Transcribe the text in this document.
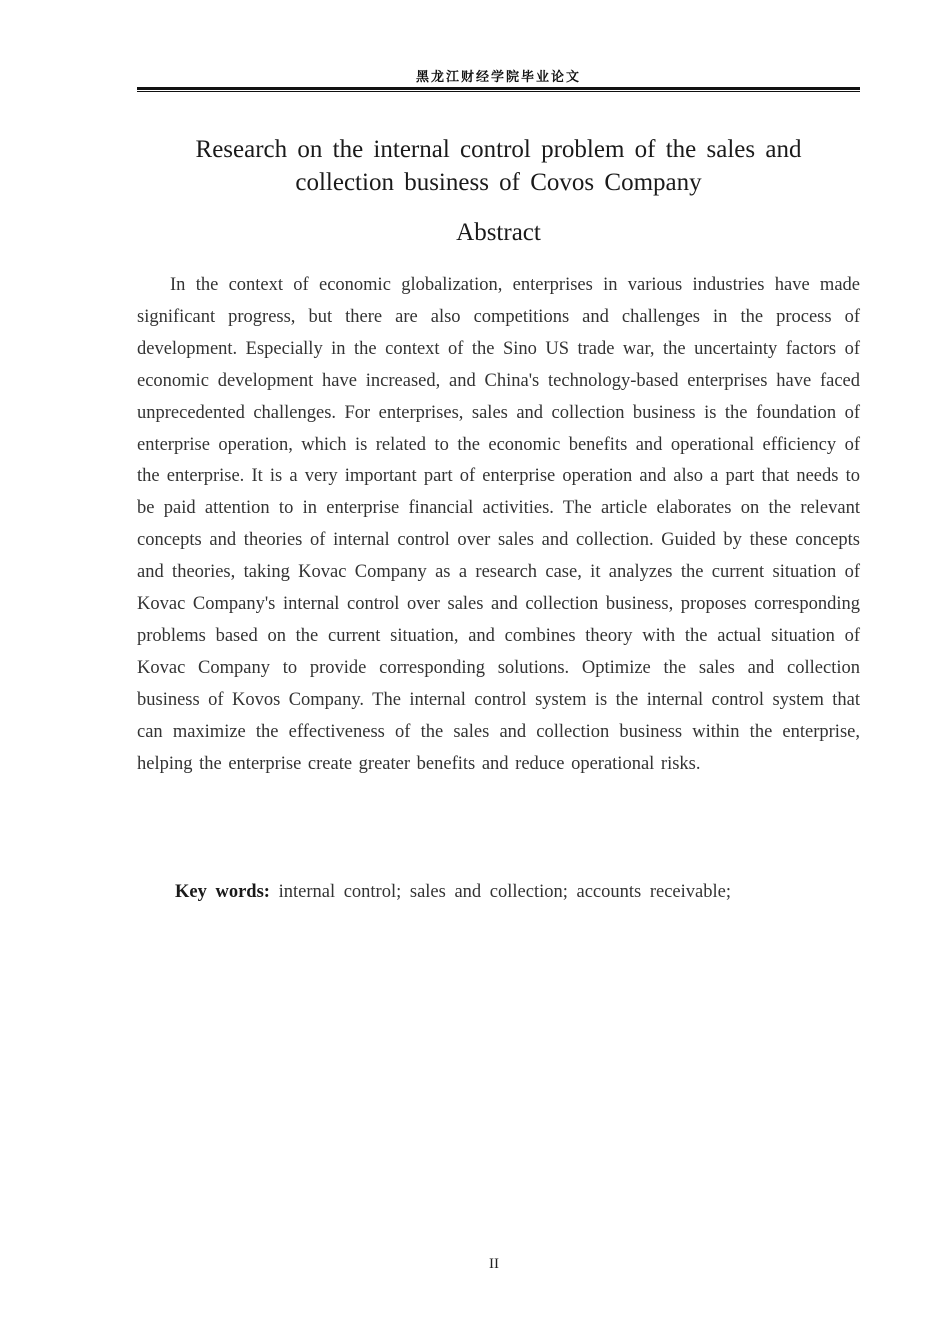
黑龙江财经学院毕业论文
Research on the internal control problem of the sales and
collection business of Covos Company
Abstract

In the context of economic globalization, enterprises in various industries have made significant progress, but there are also competitions and challenges in the process of development. Especially in the context of the Sino US trade war, the uncertainty factors of economic development have increased, and China's technology-based enterprises have faced unprecedented challenges. For enterprises, sales and collection business is the foundation of enterprise operation, which is related to the economic benefits and operational efficiency of the enterprise. It is a very important part of enterprise operation and also a part that needs to be paid attention to in enterprise financial activities. The article elaborates on the relevant concepts and theories of internal control over sales and collection. Guided by these concepts and theories, taking Kovac Company as a research case, it analyzes the current situation of Kovac Company's internal control over sales and collection business, proposes corresponding problems based on the current situation, and combines theory with the actual situation of Kovac Company to provide corresponding solutions. Optimize the sales and collection business of Kovos Company. The internal control system is the internal control system that can maximize the effectiveness of the sales and collection business within the enterprise, helping the enterprise create greater benefits and reduce operational risks.

Key words: internal control; sales and collection; accounts receivable;
II
